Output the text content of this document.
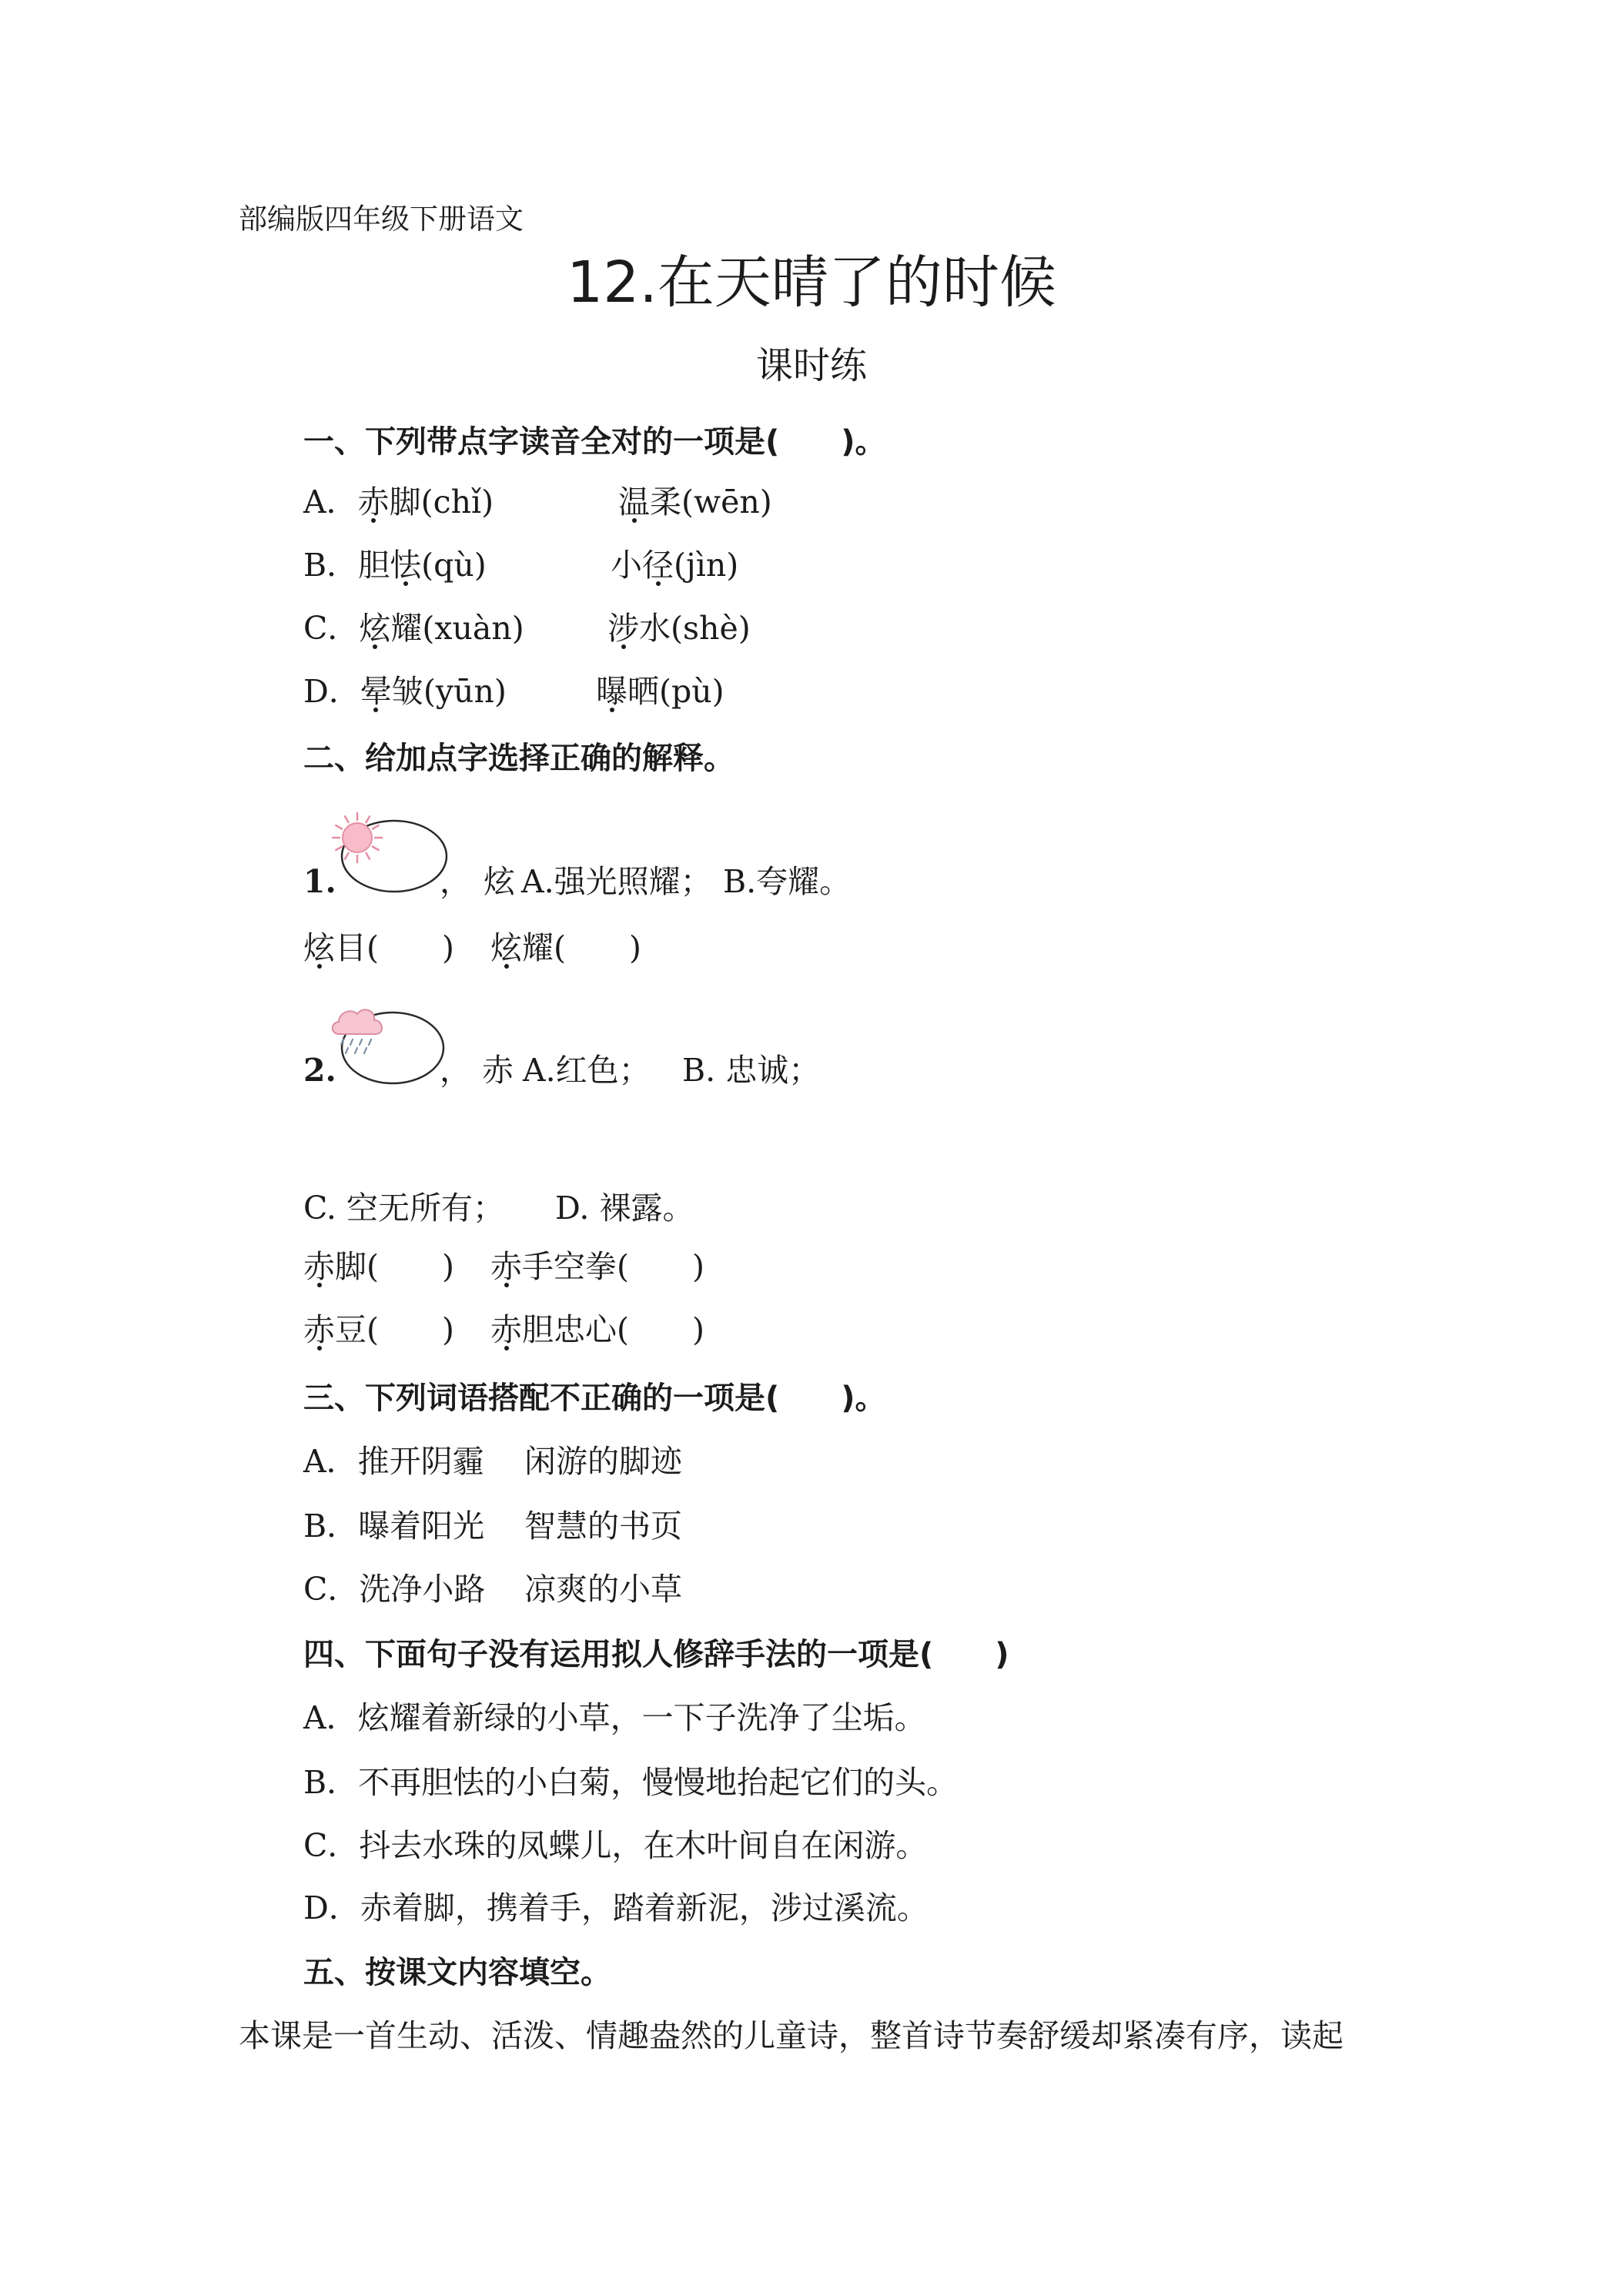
部编版四年级下册语文
12.在天晴了的时候
课时练
一、下列带点字读音全对的一项是(　　)。
A．赤脚(chǐ)	温柔(wēn)
B．胆怯(qù)	小径(jìn)
C．炫耀(xuàn)	涉水(shè)
D．晕皱(yūn)	曝晒(pù)
二、给加点字选择正确的解释。
1.	， 炫 A.强光照耀； B.夸耀。
炫目(　　) 炫耀(　　)
2.	， 赤 A.红色； B. 忠诚；
C. 空无所有； D. 裸露。
赤脚(　　) 赤手空拳(　　)
赤豆(　　) 赤胆忠心(　　)
三、下列词语搭配不正确的一项是(　　)。
A．推开阴霾 闲游的脚迹
B．曝着阳光 智慧的书页
C．洗净小路 凉爽的小草
四、下面句子没有运用拟人修辞手法的一项是(　　)
A．炫耀着新绿的小草，一下子洗净了尘垢。
B．不再胆怯的小白菊，慢慢地抬起它们的头。
C．抖去水珠的凤蝶儿，在木叶间自在闲游。
D．赤着脚，携着手，踏着新泥，涉过溪流。
五、按课文内容填空。
本课是一首生动、活泼、情趣盎然的儿童诗，整首诗节奏舒缓却紧凑有序，读起
